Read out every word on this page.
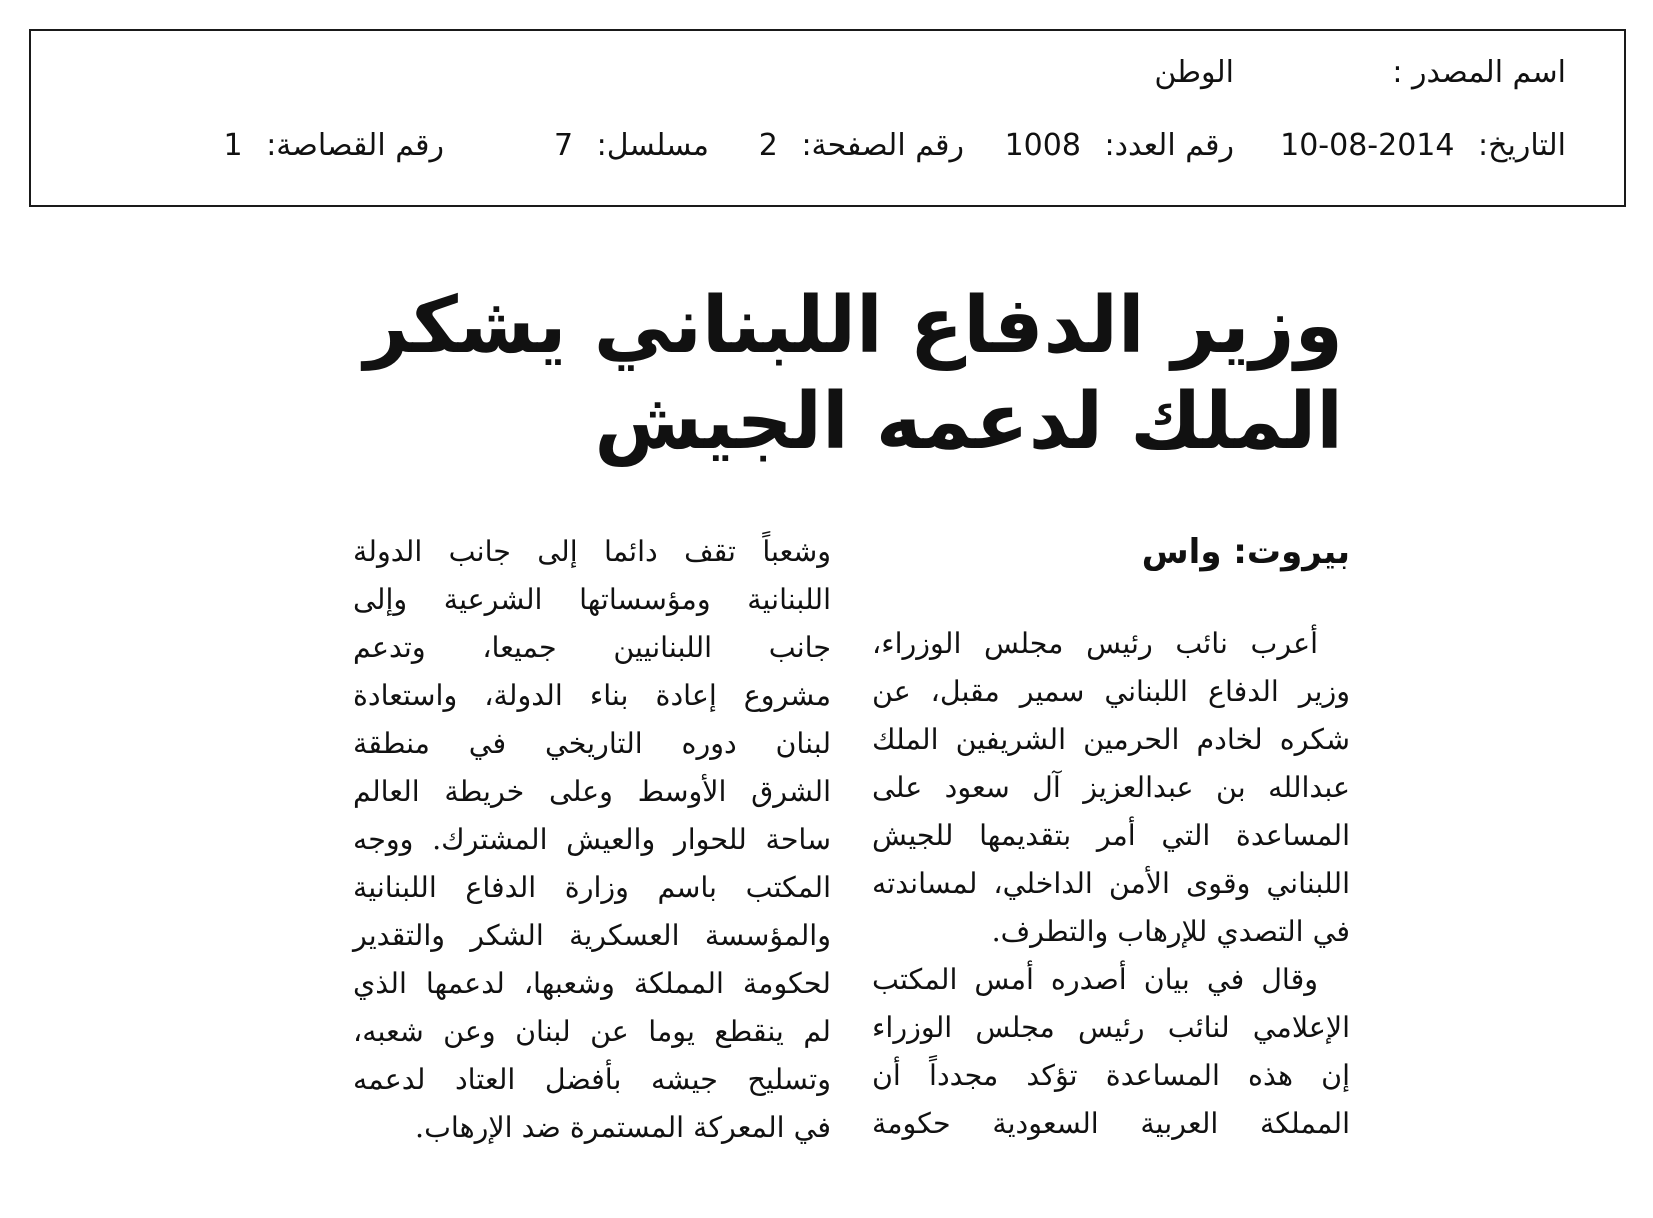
اسم المصدر :
الوطن
التاريخ: 10-08-2014
رقم العدد: 1008
رقم الصفحة: 2
مسلسل: 7
رقم القصاصة: 1
وزير الدفاع اللبناني يشكر
الملك لدعمه الجيش
بيروت: واس
أعرب نائب رئيس مجلس الوزراء،
وزير الدفاع اللبناني سمير مقبل، عن
شكره لخادم الحرمين الشريفين الملك
عبدالله بن عبدالعزيز آل سعود على
المساعدة التي أمر بتقديمها للجيش
اللبناني وقوى الأمن الداخلي، لمساندته
في التصدي للإرهاب والتطرف.
وقال في بيان أصدره أمس المكتب
الإعلامي لنائب رئيس مجلس الوزراء
إن هذه المساعدة تؤكد مجدداً أن
المملكة العربية السعودية حكومة
وشعباً تقف دائما إلى جانب الدولة
اللبنانية ومؤسساتها الشرعية وإلى
جانب اللبنانيين جميعا، وتدعم
مشروع إعادة بناء الدولة، واستعادة
لبنان دوره التاريخي في منطقة
الشرق الأوسط وعلى خريطة العالم
ساحة للحوار والعيش المشترك. ووجه
المكتب باسم وزارة الدفاع اللبنانية
والمؤسسة العسكرية الشكر والتقدير
لحكومة المملكة وشعبها، لدعمها الذي
لم ينقطع يوما عن لبنان وعن شعبه،
وتسليح جيشه بأفضل العتاد لدعمه
في المعركة المستمرة ضد الإرهاب.
